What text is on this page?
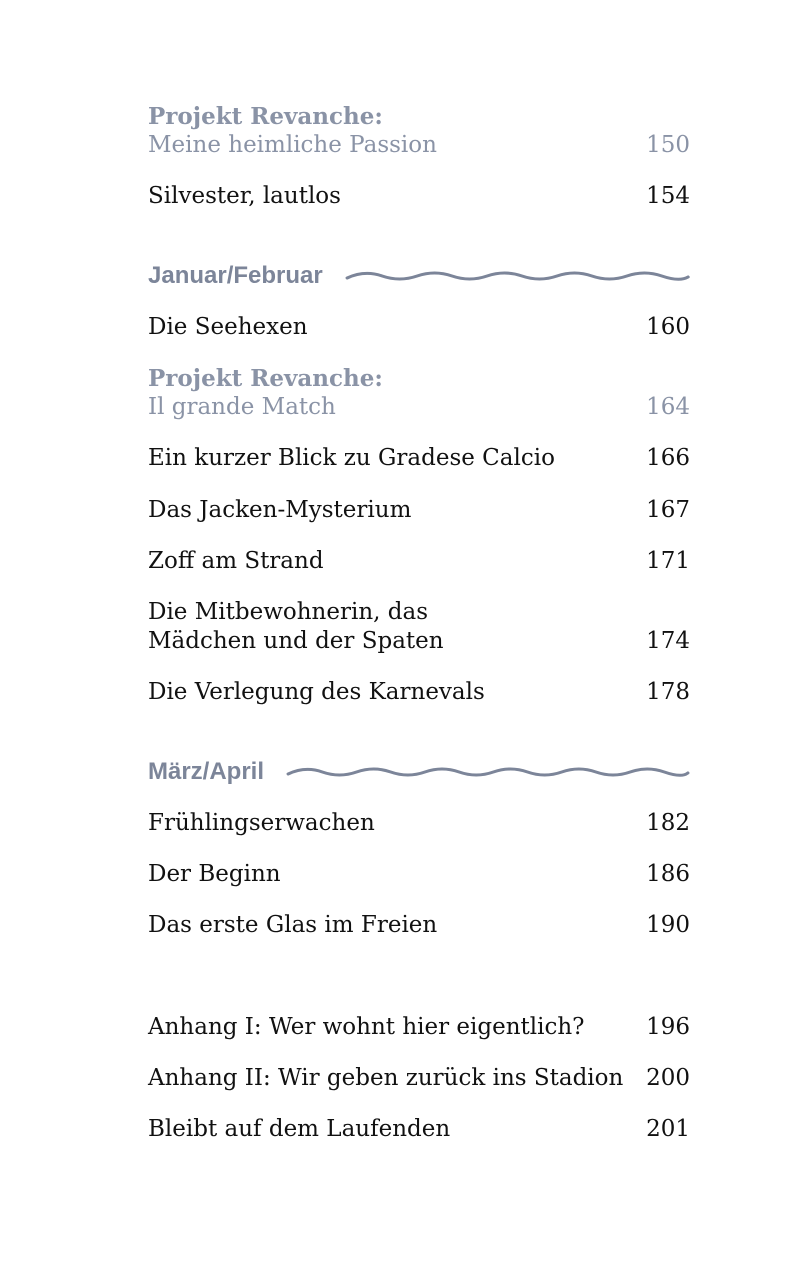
Projekt Revanche:
Meine heimliche Passion	150
Silvester, lautlos	154
Januar/Februar
Die Seehexen	160
Projekt Revanche:
Il grande Match	164
Ein kurzer Blick zu Gradese Calcio	166
Das Jacken-Mysterium	167
Zoff am Strand	171
Die Mitbewohnerin, das Mädchen und der Spaten	174
Die Verlegung des Karnevals	178
März/April
Frühlingserwachen	182
Der Beginn	186
Das erste Glas im Freien	190
Anhang I: Wer wohnt hier eigentlich?	196
Anhang II: Wir geben zurück ins Stadion 200
Bleibt auf dem Laufenden	201
